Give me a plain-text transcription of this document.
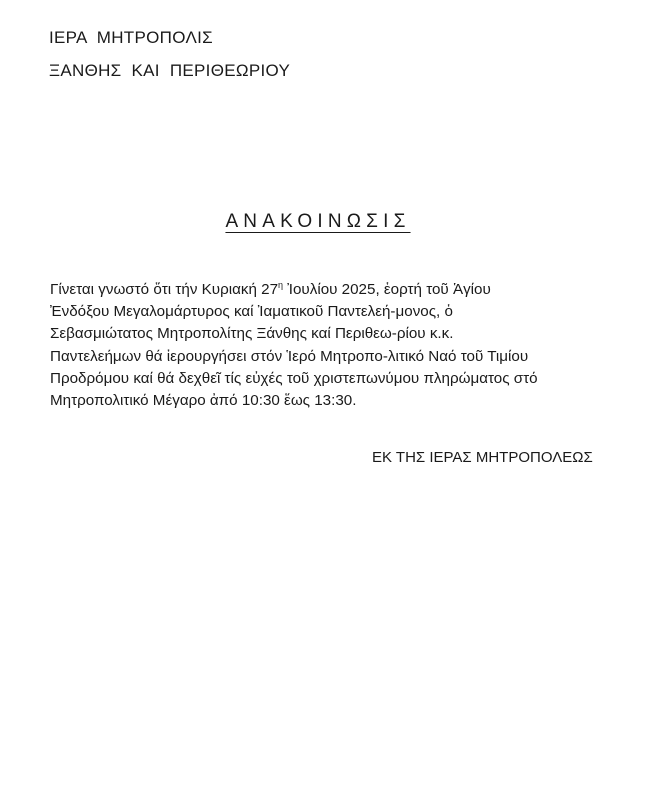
ΙΕΡΑ ΜΗΤΡΟΠΟΛΙΣ
ΞΑΝΘΗΣ ΚΑΙ ΠΕΡΙΘΕΩΡΙΟΥ
ΑΝΑΚΟΙΝΩΣΙΣ
Γίνεται γνωστό ὅτι τήν Κυριακή $27^\eta$ Ἰουλίου 2025, ἑορτή τοῦ Ἁγίου
Ἐνδόξου Μεγαλομάρτυρος καί Ἰαματικοῦ Παντελεή-μονος, ὁ
Σεβασμιώτατος Μητροπολίτης Ξάνθης καί Περιθεω-ρίου κ.κ.
Παντελεήμων θά ἱερουργήσει στόν Ἱερό Μητροπο-λιτικό Ναό τοῦ Τιμίου
Προδρόμου καί θά δεχθεῖ τίς εὐχές τοῦ χριστεπωνύμου πληρώματος στό
Μητροπολιτικό Μέγαρο ἀπό 10:30 ἕως 13:30.
ΕΚ ΤΗΣ ΙΕΡΑΣ ΜΗΤΡΟΠΟΛΕΩΣ
